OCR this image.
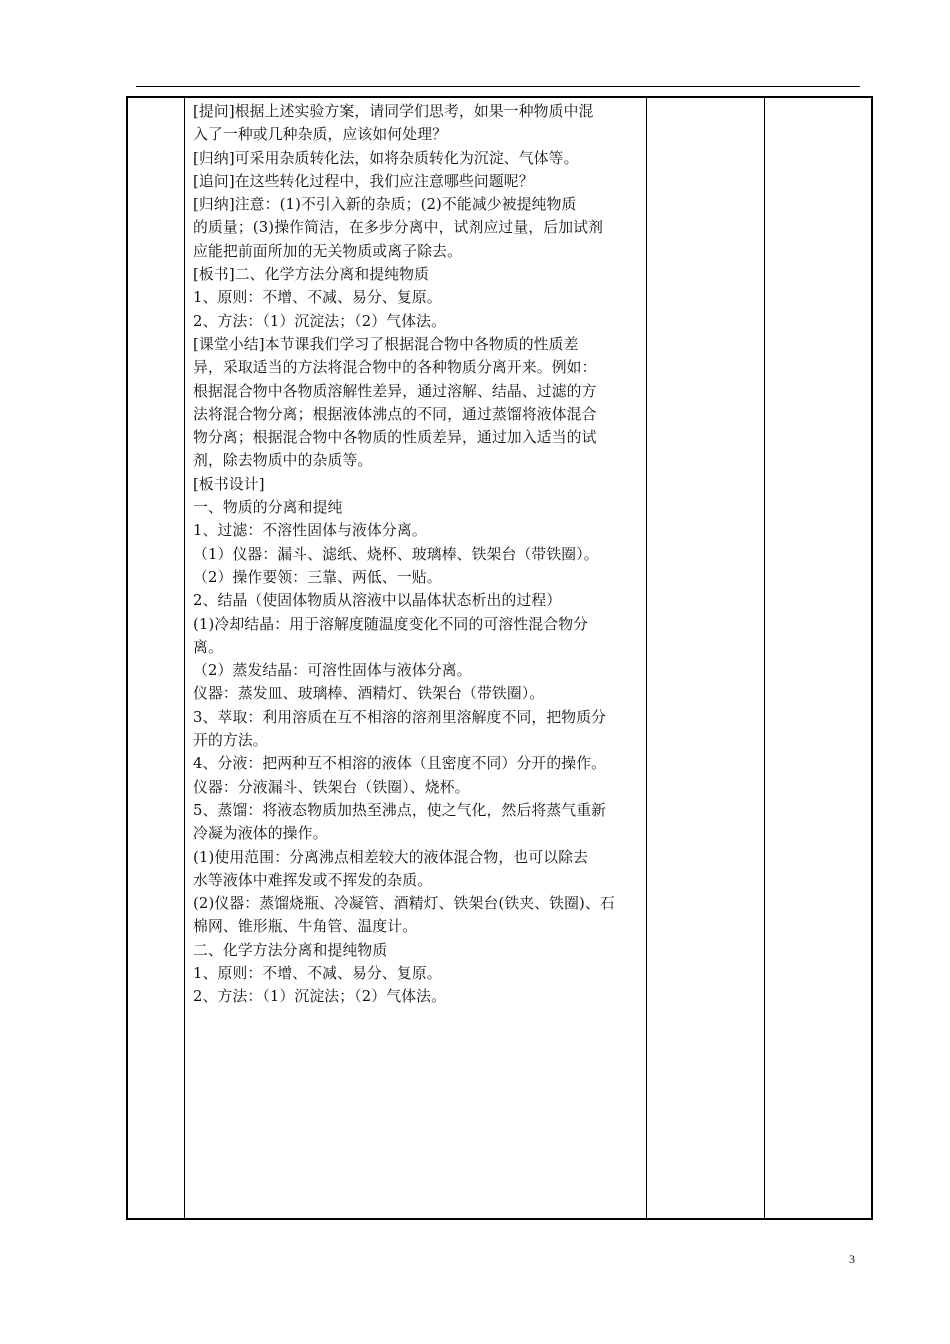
[提问]根据上述实验方案，请同学们思考，如果一种物质中混
入了一种或几种杂质，应该如何处理？
[归纳]可采用杂质转化法，如将杂质转化为沉淀、气体等。
[追问]在这些转化过程中，我们应注意哪些问题呢？
[归纳]注意：(1)不引入新的杂质；(2)不能减少被提纯物质
的质量；(3)操作简洁，在多步分离中，试剂应过量，后加试剂
应能把前面所加的无关物质或离子除去。
[板书]二、化学方法分离和提纯物质
1、原则：不增、不减、易分、复原。
2、方法：（1）沉淀法；（2）气体法。
[课堂小结]本节课我们学习了根据混合物中各物质的性质差
异，采取适当的方法将混合物中的各种物质分离开来。例如：
根据混合物中各物质溶解性差异，通过溶解、结晶、过滤的方
法将混合物分离；根据液体沸点的不同，通过蒸馏将液体混合
物分离；根据混合物中各物质的性质差异，通过加入适当的试
剂，除去物质中的杂质等。
[板书设计]
一、物质的分离和提纯
1、过滤：不溶性固体与液体分离。
（1）仪器：漏斗、滤纸、烧杯、玻璃棒、铁架台（带铁圈）。
（2）操作要领：三靠、两低、一贴。
2、结晶（使固体物质从溶液中以晶体状态析出的过程）
(1)冷却结晶：用于溶解度随温度变化不同的可溶性混合物分
离。
（2）蒸发结晶：可溶性固体与液体分离。
仪器：蒸发皿、玻璃棒、酒精灯、铁架台（带铁圈）。
3、萃取：利用溶质在互不相溶的溶剂里溶解度不同，把物质分
开的方法。
4、分液：把两种互不相溶的液体（且密度不同）分开的操作。
仪器：分液漏斗、铁架台（铁圈）、烧杯。
5、蒸馏：将液态物质加热至沸点，使之气化，然后将蒸气重新
冷凝为液体的操作。
(1)使用范围：分离沸点相差较大的液体混合物，也可以除去
水等液体中难挥发或不挥发的杂质。
(2)仪器：蒸馏烧瓶、冷凝管、酒精灯、铁架台(铁夹、铁圈)、石
棉网、锥形瓶、牛角管、温度计。
二、化学方法分离和提纯物质
1、原则：不增、不减、易分、复原。
2、方法：（1）沉淀法；（2）气体法。
3
